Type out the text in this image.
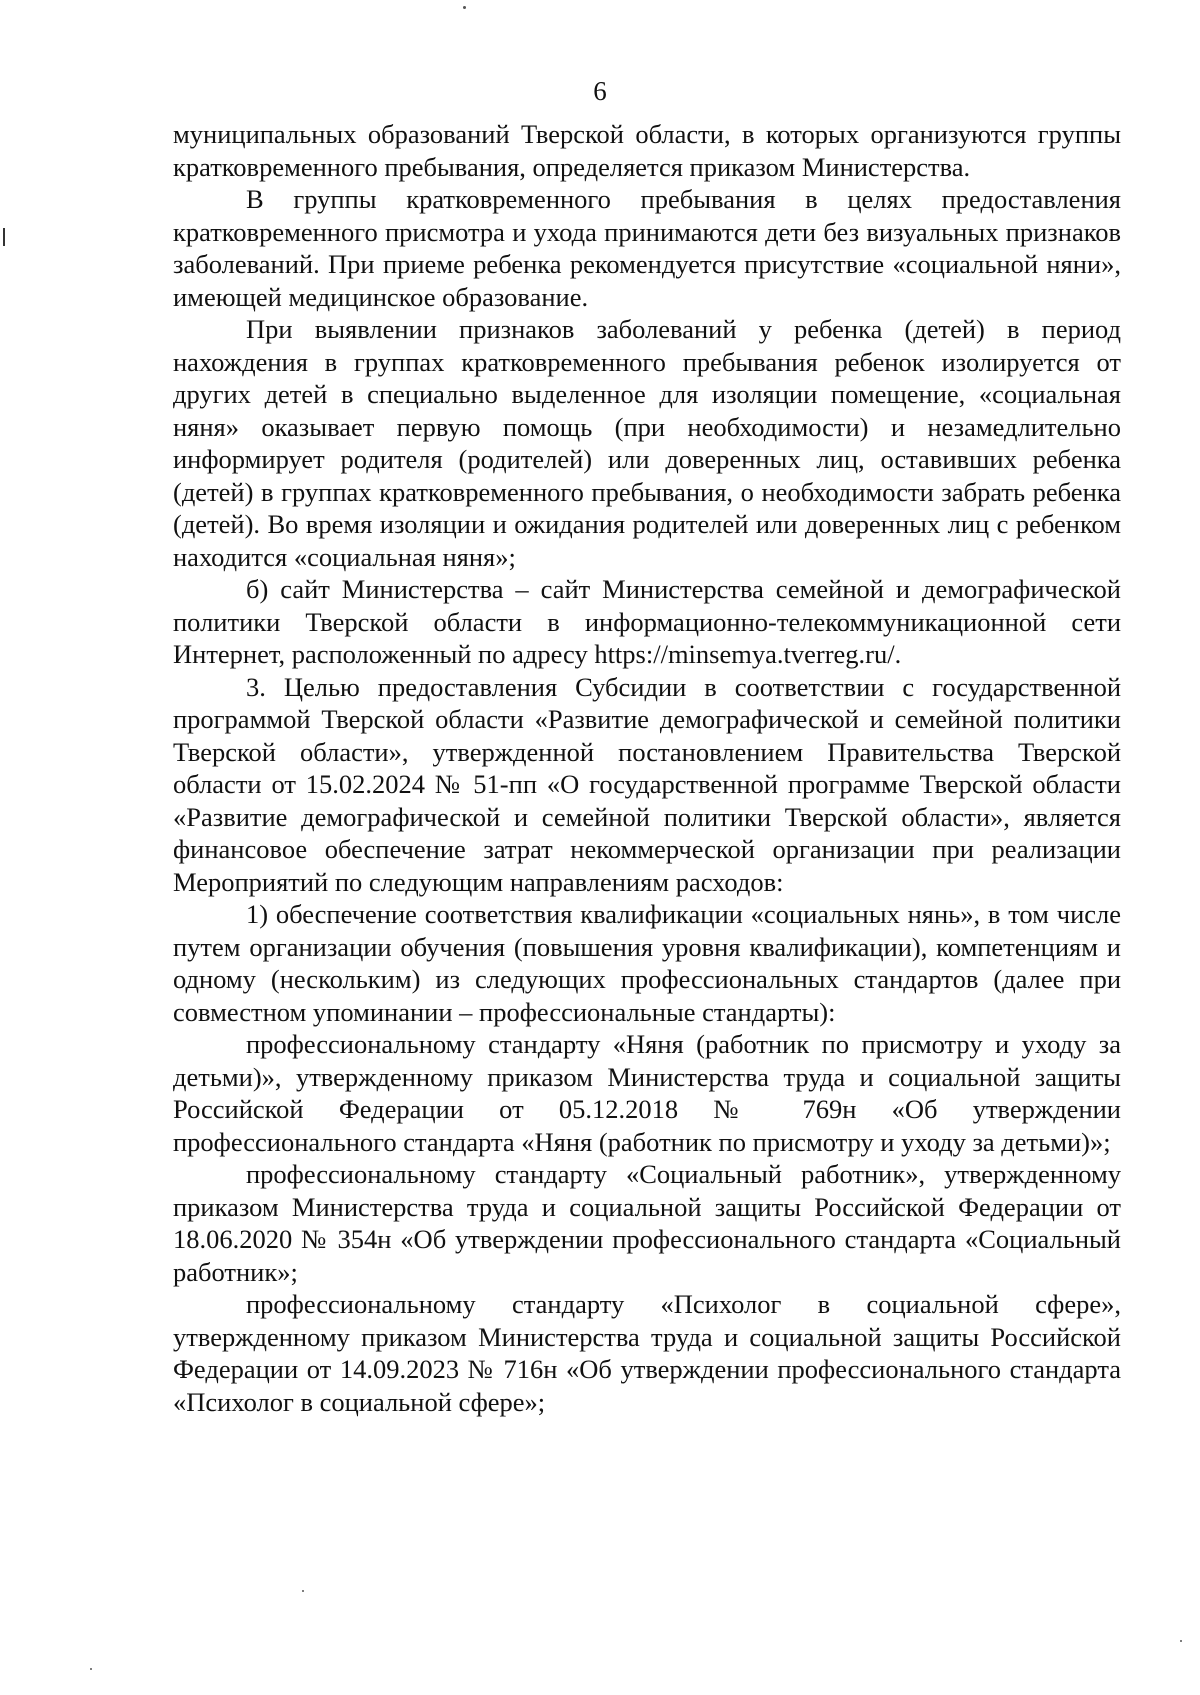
6

муниципальных образований Тверской области, в которых организуются группы кратковременного пребывания, определяется приказом Министерства.

В группы кратковременного пребывания в целях предоставления кратковременного присмотра и ухода принимаются дети без визуальных признаков заболеваний. При приеме ребенка рекомендуется присутствие «социальной няни», имеющей медицинское образование.

При выявлении признаков заболеваний у ребенка (детей) в период нахождения в группах кратковременного пребывания ребенок изолируется от других детей в специально выделенное для изоляции помещение, «социальная няня» оказывает первую помощь (при необходимости) и незамедлительно информирует родителя (родителей) или доверенных лиц, оставивших ребенка (детей) в группах кратковременного пребывания, о необходимости забрать ребенка (детей). Во время изоляции и ожидания родителей или доверенных лиц с ребенком находится «социальная няня»;

б) сайт Министерства – сайт Министерства семейной и демографической политики Тверской области в информационно-телекоммуникационной сети Интернет, расположенный по адресу https://minsemya.tverreg.ru/.

3. Целью предоставления Субсидии в соответствии с государственной программой Тверской области «Развитие демографической и семейной политики Тверской области», утвержденной постановлением Правительства Тверской области от 15.02.2024 № 51-пп «О государственной программе Тверской области «Развитие демографической и семейной политики Тверской области», является финансовое обеспечение затрат некоммерческой организации при реализации Мероприятий по следующим направлениям расходов:

1) обеспечение соответствия квалификации «социальных нянь», в том числе путем организации обучения (повышения уровня квалификации), компетенциям и одному (нескольким) из следующих профессиональных стандартов (далее при совместном упоминании – профессиональные стандарты):

профессиональному стандарту «Няня (работник по присмотру и уходу за детьми)», утвержденному приказом Министерства труда и социальной защиты Российской Федерации от 05.12.2018 № 769н «Об утверждении профессионального стандарта «Няня (работник по присмотру и уходу за детьми)»;

профессиональному стандарту «Социальный работник», утвержденному приказом Министерства труда и социальной защиты Российской Федерации от 18.06.2020 № 354н «Об утверждении профессионального стандарта «Социальный работник»;

профессиональному стандарту «Психолог в социальной сфере», утвержденному приказом Министерства труда и социальной защиты Российской Федерации от 14.09.2023 № 716н «Об утверждении профессионального стандарта «Психолог в социальной сфере»;
